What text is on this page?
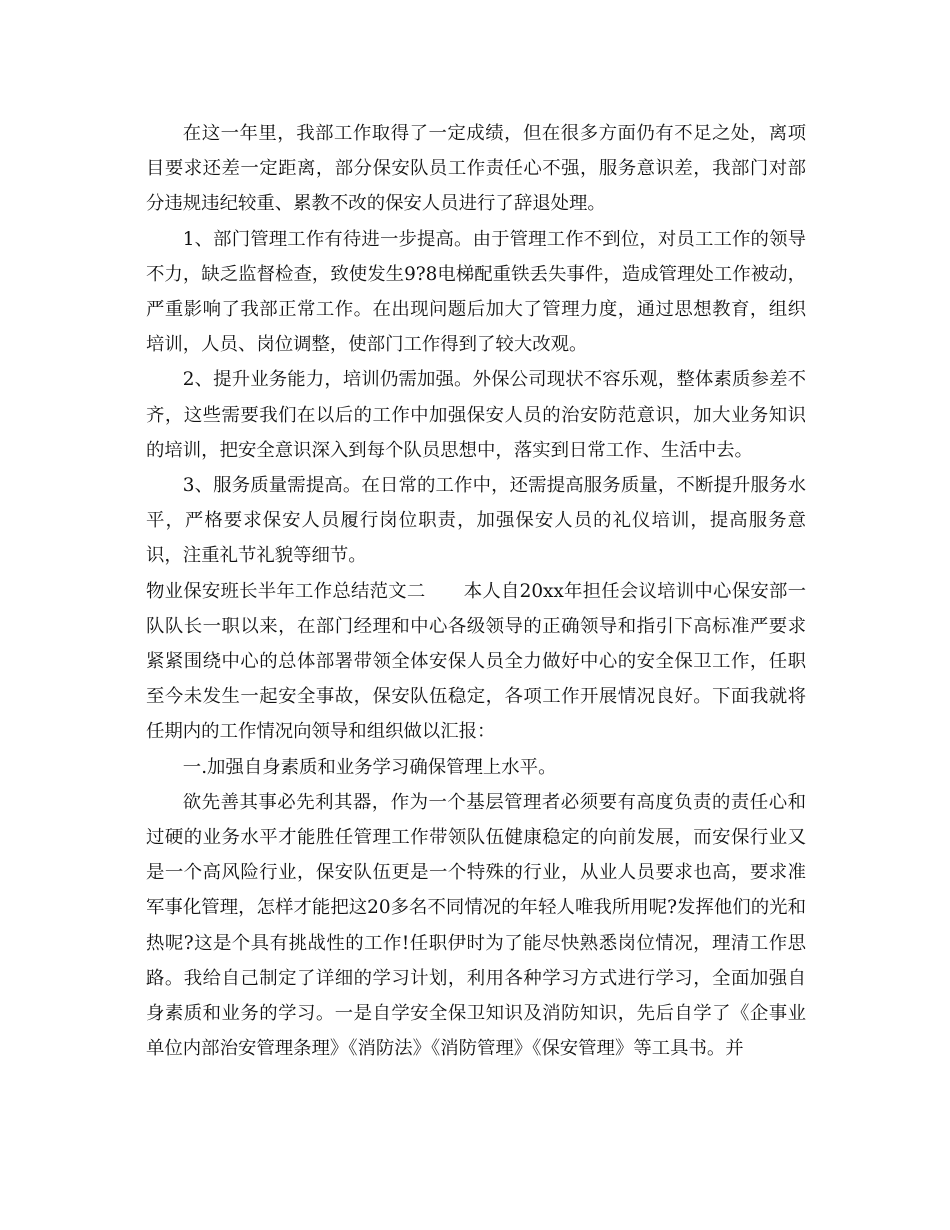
在这一年里，我部工作取得了一定成绩，但在很多方面仍有不足之处，离项目要求还差一定距离，部分保安队员工作责任心不强，服务意识差，我部门对部分违规违纪较重、累教不改的保安人员进行了辞退处理。

1、部门管理工作有待进一步提高。由于管理工作不到位，对员工工作的领导不力，缺乏监督检查，致使发生9?8电梯配重铁丢失事件，造成管理处工作被动，严重影响了我部正常工作。在出现问题后加大了管理力度，通过思想教育，组织培训，人员、岗位调整，使部门工作得到了较大改观。

2、提升业务能力，培训仍需加强。外保公司现状不容乐观，整体素质参差不齐，这些需要我们在以后的工作中加强保安人员的治安防范意识，加大业务知识的培训，把安全意识深入到每个队员思想中，落实到日常工作、生活中去。

3、服务质量需提高。在日常的工作中，还需提高服务质量，不断提升服务水平，严格要求保安人员履行岗位职责，加强保安人员的礼仪培训，提高服务意识，注重礼节礼貌等细节。

物业保安班长半年工作总结范文二 本人自20xx年担任会议培训中心保安部一队队长一职以来，在部门经理和中心各级领导的正确领导和指引下高标准严要求紧紧围绕中心的总体部署带领全体安保人员全力做好中心的安全保卫工作，任职至今未发生一起安全事故，保安队伍稳定，各项工作开展情况良好。下面我就将任期内的工作情况向领导和组织做以汇报：

一.加强自身素质和业务学习确保管理上水平。

欲先善其事必先利其器，作为一个基层管理者必须要有高度负责的责任心和过硬的业务水平才能胜任管理工作带领队伍健康稳定的向前发展，而安保行业又是一个高风险行业，保安队伍更是一个特殊的行业，从业人员要求也高，要求准军事化管理，怎样才能把这20多名不同情况的年轻人唯我所用呢?发挥他们的光和热呢?这是个具有挑战性的工作!任职伊时为了能尽快熟悉岗位情况，理清工作思路。我给自己制定了详细的学习计划，利用各种学习方式进行学习，全面加强自身素质和业务的学习。一是自学安全保卫知识及消防知识，先后自学了《企事业单位内部治安管理条理》《消防法》《消防管理》《保安管理》等工具书。并
